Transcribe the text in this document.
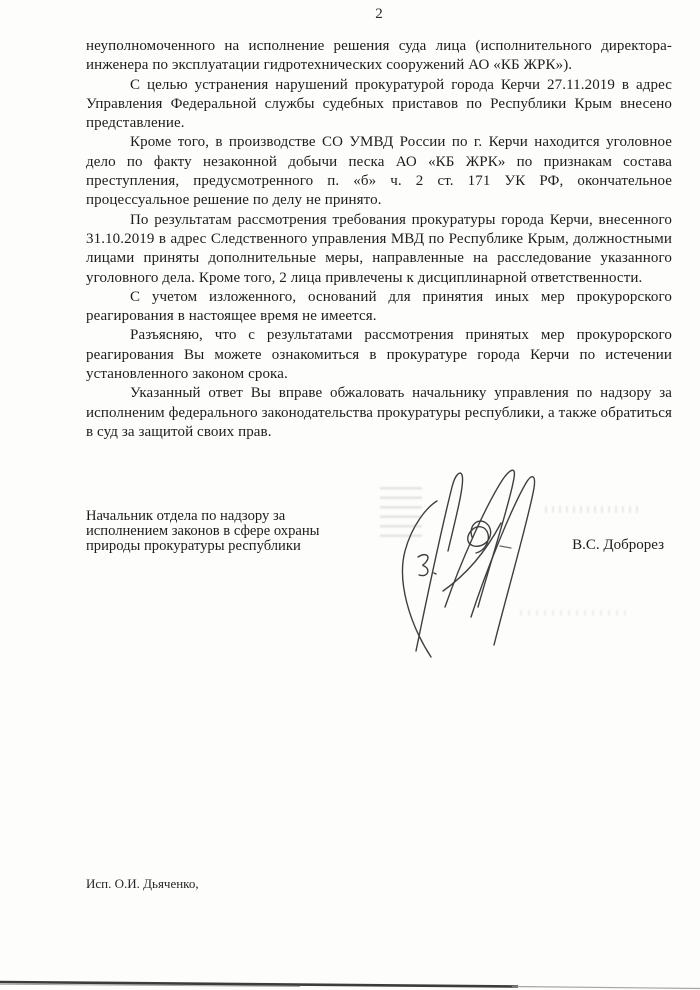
2

неуполномоченного на исполнение решения суда лица (исполнительного директора-инженера по эксплуатации гидротехнических сооружений АО «КБ ЖРК»).

С целью устранения нарушений прокуратурой города Керчи 27.11.2019 в адрес Управления Федеральной службы судебных приставов по Республики Крым внесено представление.

Кроме того, в производстве СО УМВД России по г. Керчи находится уголовное дело по факту незаконной добычи песка АО «КБ ЖРК» по признакам состава преступления, предусмотренного п. «б» ч. 2 ст. 171 УК РФ, окончательное процессуальное решение по делу не принято.

По результатам рассмотрения требования прокуратуры города Керчи, внесенного 31.10.2019 в адрес Следственного управления МВД по Республике Крым, должностными лицами приняты дополнительные меры, направленные на расследование указанного уголовного дела. Кроме того, 2 лица привлечены к дисциплинарной ответственности.

С учетом изложенного, оснований для принятия иных мер прокурорского реагирования в настоящее время не имеется.

Разъясняю, что с результатами рассмотрения принятых мер прокурорского реагирования Вы можете ознакомиться в прокуратуре города Керчи по истечении установленного законом срока.

Указанный ответ Вы вправе обжаловать начальнику управления по надзору за исполненим федерального законодательства прокуратуры республики, а также обратиться в суд за защитой своих прав.

Начальник отдела по надзору за
исполнением законов в сфере охраны
природы прокуратуры республики	В.С. Доброрез
Исп. О.И. Дьяченко,
